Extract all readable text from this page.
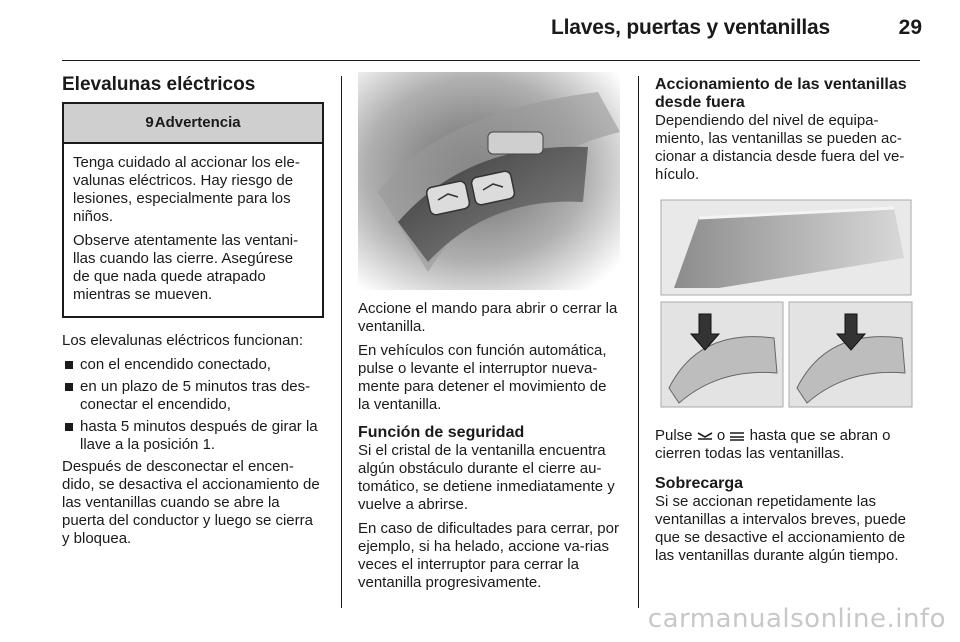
Llaves, puertas y ventanillas	29
Elevalunas eléctricos
9 Advertencia

Tenga cuidado al accionar los ele-valunas eléctricos. Hay riesgo de lesiones, especialmente para los niños.

Observe atentamente las ventani-llas cuando las cierre. Asegúrese de que nada quede atrapado mientras se mueven.

Los elevalunas eléctricos funcionan:

con el encendido conectado,
en un plazo de 5 minutos tras des-conectar el encendido,
hasta 5 minutos después de girar la llave a la posición 1.

Después de desconectar el encen-dido, se desactiva el accionamiento de las ventanillas cuando se abre la puerta del conductor y luego se cierra y bloquea.

Accione el mando para abrir o cerrar la ventanilla.

En vehículos con función automática, pulse o levante el interruptor nueva-mente para detener el movimiento de la ventanilla.

Función de seguridad

Si el cristal de la ventanilla encuentra algún obstáculo durante el cierre au-tomático, se detiene inmediatamente y vuelve a abrirse.

En caso de dificultades para cerrar, por ejemplo, si ha helado, accione va-rias veces el interruptor para cerrar la ventanilla progresivamente.

Accionamiento de las ventanillas desde fuera

Dependiendo del nivel de equipa-miento, las ventanillas se pueden ac-cionar a distancia desde fuera del ve-hículo.

Pulse o hasta que se abran o cierren todas las ventanillas.

Sobrecarga

Si se accionan repetidamente las ventanillas a intervalos breves, puede que se desactive el accionamiento de las ventanillas durante algún tiempo.

carmanualsonline.info
